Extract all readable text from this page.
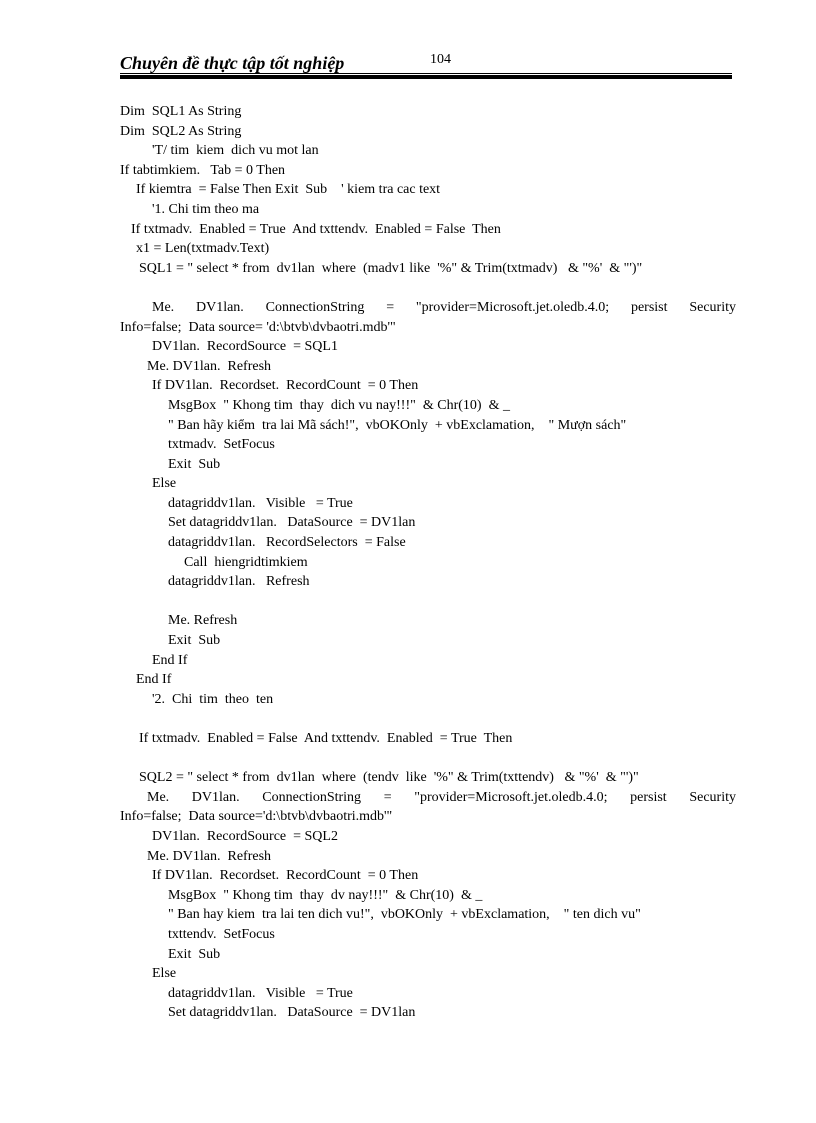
Chuyên đề thực tập tốt nghiệp	104
Dim  SQL1 As String
Dim  SQL2 As String
'T/ tim  kiem  dich vu mot lan
If tabtimkiem.   Tab = 0 Then
If kiemtra  = False Then Exit  Sub    ' kiem tra cac text
'1. Chi tim theo ma
If txtmadv.  Enabled = True  And txttendv.  Enabled = False  Then
x1 = Len(txtmadv.Text)
SQL1 = " select * from  dv1lan  where  (madv1 like  '%" & Trim(txtmadv)   & "%'  & "')"
Me. DV1lan. ConnectionString = "provider=Microsoft.jet.oledb.4.0; persist Security
Info=false;  Data source= 'd:\btvb\dvbaotri.mdb'"
DV1lan.  RecordSource  = SQL1
Me. DV1lan.  Refresh
If DV1lan.  Recordset.  RecordCount  = 0 Then
MsgBox  " Khong tim  thay  dich vu nay!!!"  & Chr(10)  & _
" Ban hãy kiểm  tra lai Mã sách!",  vbOKOnly  + vbExclamation,    " Mượn sách"
txtmadv.  SetFocus
Exit  Sub
Else
datagriddv1lan.   Visible   = True
Set datagriddv1lan.   DataSource  = DV1lan
datagriddv1lan.   RecordSelectors  = False
Call  hiengridtimkiem
datagriddv1lan.   Refresh
Me. Refresh
Exit  Sub
End If
End If
'2.  Chi  tim  theo  ten
If txtmadv.  Enabled = False  And txttendv.  Enabled  = True  Then
SQL2 = " select * from  dv1lan  where  (tendv  like  '%" & Trim(txttendv)   & "%'  & "')"
Me. DV1lan. ConnectionString = "provider=Microsoft.jet.oledb.4.0; persist Security
Info=false;  Data source='d:\btvb\dvbaotri.mdb'"
DV1lan.  RecordSource  = SQL2
Me. DV1lan.  Refresh
If DV1lan.  Recordset.  RecordCount  = 0 Then
MsgBox  " Khong tim  thay  dv nay!!!"  & Chr(10)  & _
" Ban hay kiem  tra lai ten dich vu!",  vbOKOnly  + vbExclamation,    " ten dich vu"
txttendv.  SetFocus
Exit  Sub
Else
datagriddv1lan.   Visible   = True
Set datagriddv1lan.   DataSource  = DV1lan
